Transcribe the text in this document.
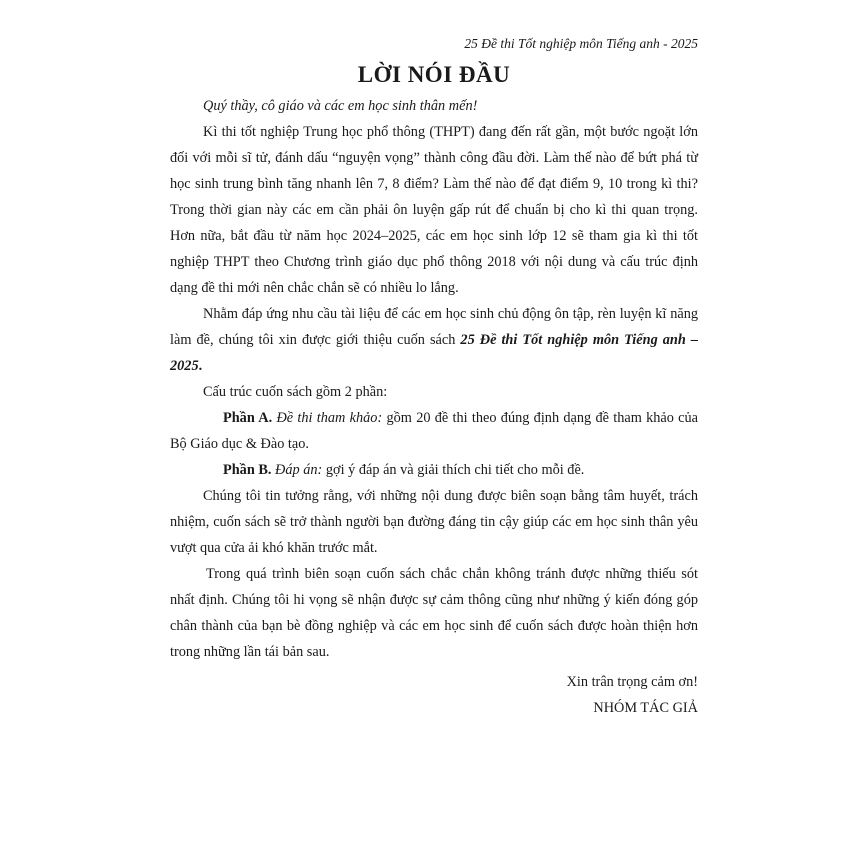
25 Đề thi Tốt nghiệp môn Tiếng anh - 2025
LỜI NÓI ĐẦU

Quý thầy, cô giáo và các em học sinh thân mến!

Kì thi tốt nghiệp Trung học phổ thông (THPT) đang đến rất gần, một bước ngoặt lớn đối với mỗi sĩ tử, đánh dấu “nguyện vọng” thành công đầu đời. Làm thế nào để bứt phá từ học sinh trung bình tăng nhanh lên 7, 8 điểm? Làm thế nào để đạt điểm 9, 10 trong kì thi? Trong thời gian này các em cần phải ôn luyện gấp rút để chuẩn bị cho kì thi quan trọng. Hơn nữa, bắt đầu từ năm học 2024–2025, các em học sinh lớp 12 sẽ tham gia kì thi tốt nghiệp THPT theo Chương trình giáo dục phổ thông 2018 với nội dung và cấu trúc định dạng đề thi mới nên chắc chắn sẽ có nhiều lo lắng.

Nhằm đáp ứng nhu cầu tài liệu để các em học sinh chủ động ôn tập, rèn luyện kĩ năng làm đề, chúng tôi xin được giới thiệu cuốn sách 25 Đề thi Tốt nghiệp môn Tiếng anh – 2025.

Cấu trúc cuốn sách gồm 2 phần:

Phần A. Đề thi tham khảo: gồm 20 đề thi theo đúng định dạng đề tham khảo của Bộ Giáo dục & Đào tạo.

Phần B. Đáp án: gợi ý đáp án và giải thích chi tiết cho mỗi đề.

Chúng tôi tin tưởng rằng, với những nội dung được biên soạn bằng tâm huyết, trách nhiệm, cuốn sách sẽ trở thành người bạn đường đáng tin cậy giúp các em học sinh thân yêu vượt qua cửa ải khó khăn trước mắt.

Trong quá trình biên soạn cuốn sách chắc chắn không tránh được những thiếu sót nhất định. Chúng tôi hi vọng sẽ nhận được sự cảm thông cũng như những ý kiến đóng góp chân thành của bạn bè đồng nghiệp và các em học sinh để cuốn sách được hoàn thiện hơn trong những lần tái bản sau.

Xin trân trọng cảm ơn!

NHÓM TÁC GIẢ
